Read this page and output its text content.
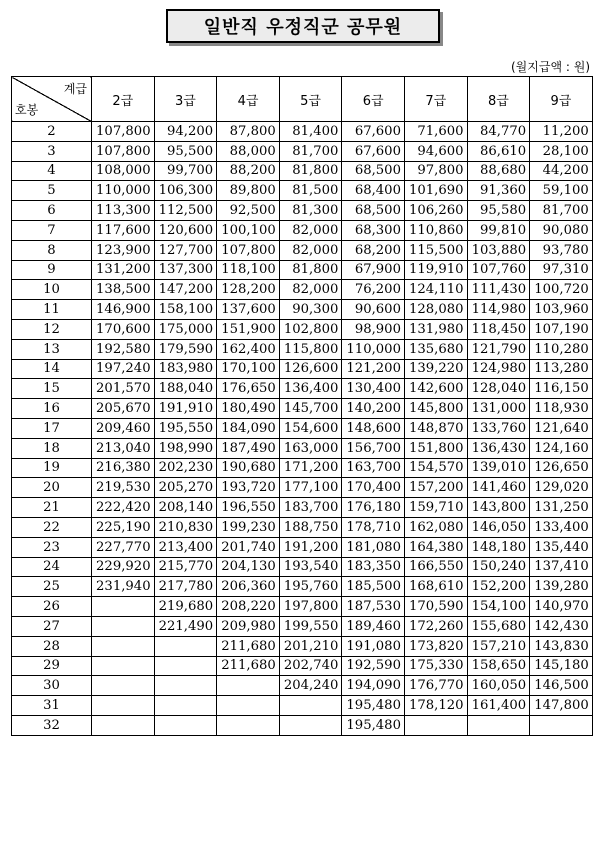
일반직 우정직군 공무원
(월지급액 : 원)
계급
호봉	2급	3급	4급	5급	6급	7급	8급	9급
2	107,800	94,200	87,800	81,400	67,600	71,600	84,770	11,200
3	107,800	95,500	88,000	81,700	67,600	94,600	86,610	28,100
4	108,000	99,700	88,200	81,800	68,500	97,800	88,680	44,200
5	110,000	106,300	89,800	81,500	68,400	101,690	91,360	59,100
6	113,300	112,500	92,500	81,300	68,500	106,260	95,580	81,700
7	117,600	120,600	100,100	82,000	68,300	110,860	99,810	90,080
8	123,900	127,700	107,800	82,000	68,200	115,500	103,880	93,780
9	131,200	137,300	118,100	81,800	67,900	119,910	107,760	97,310
10	138,500	147,200	128,200	82,000	76,200	124,110	111,430	100,720
11	146,900	158,100	137,600	90,300	90,600	128,080	114,980	103,960
12	170,600	175,000	151,900	102,800	98,900	131,980	118,450	107,190
13	192,580	179,590	162,400	115,800	110,000	135,680	121,790	110,280
14	197,240	183,980	170,100	126,600	121,200	139,220	124,980	113,280
15	201,570	188,040	176,650	136,400	130,400	142,600	128,040	116,150
16	205,670	191,910	180,490	145,700	140,200	145,800	131,000	118,930
17	209,460	195,550	184,090	154,600	148,600	148,870	133,760	121,640
18	213,040	198,990	187,490	163,000	156,700	151,800	136,430	124,160
19	216,380	202,230	190,680	171,200	163,700	154,570	139,010	126,650
20	219,530	205,270	193,720	177,100	170,400	157,200	141,460	129,020
21	222,420	208,140	196,550	183,700	176,180	159,710	143,800	131,250
22	225,190	210,830	199,230	188,750	178,710	162,080	146,050	133,400
23	227,770	213,400	201,740	191,200	181,080	164,380	148,180	135,440
24	229,920	215,770	204,130	193,540	183,350	166,550	150,240	137,410
25	231,940	217,780	206,360	195,760	185,500	168,610	152,200	139,280
26		219,680	208,220	197,800	187,530	170,590	154,100	140,970
27		221,490	209,980	199,550	189,460	172,260	155,680	142,430
28			211,680	201,210	191,080	173,820	157,210	143,830
29			211,680	202,740	192,590	175,330	158,650	145,180
30				204,240	194,090	176,770	160,050	146,500
31					195,480	178,120	161,400	147,800
32					195,480			
